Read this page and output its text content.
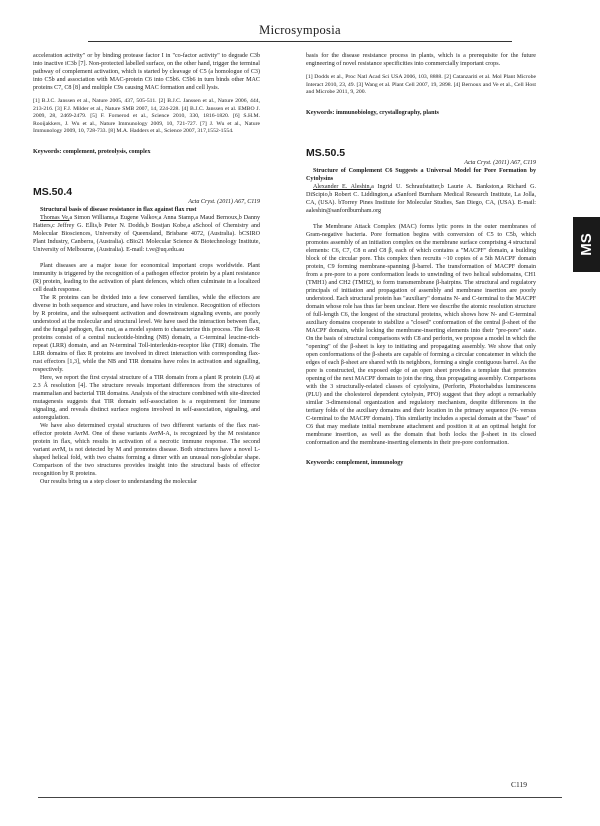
Microsymposia
MS

acceleration activity" or by binding protease factor I in "co-factor activity" to degrade C3b into inactive iC3b [7]. Non-protected labelled surface, on the other hand, trigger the terminal pathway of complement activation, which is started by cleavage of C5 (a homologue of C3) into C5b and association with MAC-protein C6 into C5b6. C5b6 in turn binds other MAC proteins C7, C8 [8] and multiple C9s causing MAC formation and cell lysis.

[1] B.J.C. Janssen et al., Nature 2005, 437, 505-511. [2] B.J.C. Janssen et al., Nature 2006, 444, 213-216. [3] F.J. Milder et al., Nature SMB 2007, 14, 224-228. [4] B.J.C. Janssen et al. EMBO J. 2009, 28, 2469-2479. [5] F. Fornerod et al., Science 2010, 330, 1816-1820. [6] S.H.M. Rooijakkers, J. Wu et al., Nature Immunology 2009, 10, 721-727. [7] J. Wu et al., Nature Immunology 2009, 10, 728-733. [8] M.A. Hadders et al., Science 2007, 317,1552-1554.

Keywords: complement, proteolysis, complex
MS.50.4
Acta Cryst. (2011) A67, C119

Structural basis of disease resistance in flax against flax rust

Thomas Ve,a Simon Williams,a Eugene Valkov,a Anna Stamp,a Maud Bernoux,b Danny Hatters,c Jeffrey G. Ellis,b Peter N. Dodds,b Bostjan Kobe,a aSchool of Chemistry and Molecular Biosciences, University of Queensland, Brisbane 4072, (Australia). bCSIRO Plant Industry, Canberra, (Australia). cBio21 Molecular Science & Biotechnology Institute, University of Melbourne, (Australia). E-mail: t.ve@uq.edu.au

Plant diseases are a major issue for economical important crops worldwide. Plant immunity is triggered by the recognition of a pathogen effector protein by a plant resistance (R) protein, leading to the activation of plant defences, which often culminate in a localized cell death response.

The R proteins can be divided into a few conserved families, while the effectors are diverse in both sequence and structure, and have roles in virulence. Recognition of effectors by R proteins, and the subsequent activation and downstream signaling events, are poorly understood at the molecular and structural level. We have used the interaction between flax, and the fungal pathogen, flax rust, as a model system to characterize this process. The flax-R proteins consist of a central nucleotide-binding (NB) domain, a C-terminal leucine-rich-repeat (LRR) domain, and an N-terminal Toll-interleukin-receptor like (TIR) domain. The LRR domains of flax R proteins are involved in direct interaction with corresponding flax-rust effectors [1,3], while the NB and TIR domains have roles in activation and signalling, respectively.

Here, we report the first crystal structure of a TIR domain from a plant R protein (L6) at 2.3 Å resolution [4]. The structure reveals important differences from the structures of mammalian and bacterial TIR domains. Analysis of the structure combined with site-directed mutagenesis suggests that TIR domain self-association is a requirement for immune signaling, and reveals distinct surface regions involved in self-association, signaling, and autoregulation.

We have also determined crystal structures of two different variants of the flax rust-effector protein AvrM. One of these variants AvrM-A, is recognized by the M resistance protein in flax, which results in activation of a necrotic immune response. The second variant avrM, is not detected by M and promotes disease. Both structures have a novel L-shaped helical fold, with two chains forming a dimer with an unusual non-globular shape. Comparison of the two structures provides insight into the structural basis of effector recognition by R proteins.

Our results bring us a step closer to understanding the molecular

basis for the disease resistance process in plants, which is a prerequisite for the future engineering of novel resistance specificities into commercially important crops.

[1] Dodds et al., Proc Natl Acad Sci USA 2006, 103, 8888. [2] Catanzariti et al. Mol Plant Microbe Interact 2010, 23, 49. [3] Wang et al. Plant Cell 2007, 19, 2898. [4] Bernoux and Ve et al., Cell Host and Microbe 2011, 9, 200.

Keywords: immunobiology, crystallography, plants
MS.50.5
Acta Cryst. (2011) A67, C119

Structure of Complement C6 Suggests a Universal Model for Pore Formation by Cytolysins

Alexander E. Aleshin,a Ingrid U. Schraufstatter,b Laurie A. Bankston,a Richard G. DiScipio,b Robert C. Liddington,a aSanford Burnham Medical Research Institute, La Jolla, CA, (USA). bTorrey Pines Institute for Molecular Studies, San Diego, CA, (USA). E-mail: aaleshin@sanfordburnham.org

The Membrane Attack Complex (MAC) forms lytic pores in the outer membranes of Gram-negative bacteria. Pore formation begins with conversion of C5 to C5b, which promotes assembly of an initiation complex on the membrane surface comprising 4 structural elements: C6, C7, C8 α and C8 β, each of which contains a "MACPF" domain, a building block of the circular pore. This complex then recruits ~10 copies of a 5th MACPF domain protein, C9 forming membrane-spanning β-barrel. The transformation of MACPF domain from a pre-pore to a pore conformation leads to unwinding of two helical subdomains, CH1 (TMH1) and CH2 (TMH2), to form transmembrane β-hairpins. The structural and regulatory principals of initiation and propagation of assembly and membrane insertion are poorly understood. Each structural protein has "auxiliary" domains N- and C-terminal to the MACPF domain whose role has thus far been unclear. Here we describe the atomic resolution structure of full-length C6, the longest of the structural proteins, which shows how N- and C-terminal auxiliary domains cooperate to stabilize a "closed" conformation of the central β-sheet of the MACPF domain, while locking the membrane-inserting elements into their "pre-pore" state. On the basis of structural comparisons with C8 and perforin, we propose a model in which the "opening" of the β-sheet is key to initiating and propagating assembly. We show that only open conformations of the β-sheets are capable of forming a circular concatemer in which the edges of each β-sheet are shared with its neighbors, forming a single contiguous barrel. As the pore is constructed, the exposed edge of an open sheet provides a template that promotes opening of the next MACPF domain to join the ring, thus propagating assembly. Comparisons with the 3 structurally-related classes of cytolysins, (Perforin, Photorhabdus luminescens (PLU) and the cholesterol dependent cytolysin, PFO) suggest that they adopt a remarkably similar 3-dimensional organization and regulatory mechanism, despite differences in the tertiary folds of the auxiliary domains and their location in the primary sequence (N- versus C-terminal to the MACPF domain). This similarity includes a special domain at the "base" of C6 that may mediate initial membrane attachment and position it at an optimal height for membrane insertion, as well as the domain that both locks the β-sheet in its closed conformation and the membrane-inserting elements in their pre-pore conformation.

Keywords: complement, immunology
C119
